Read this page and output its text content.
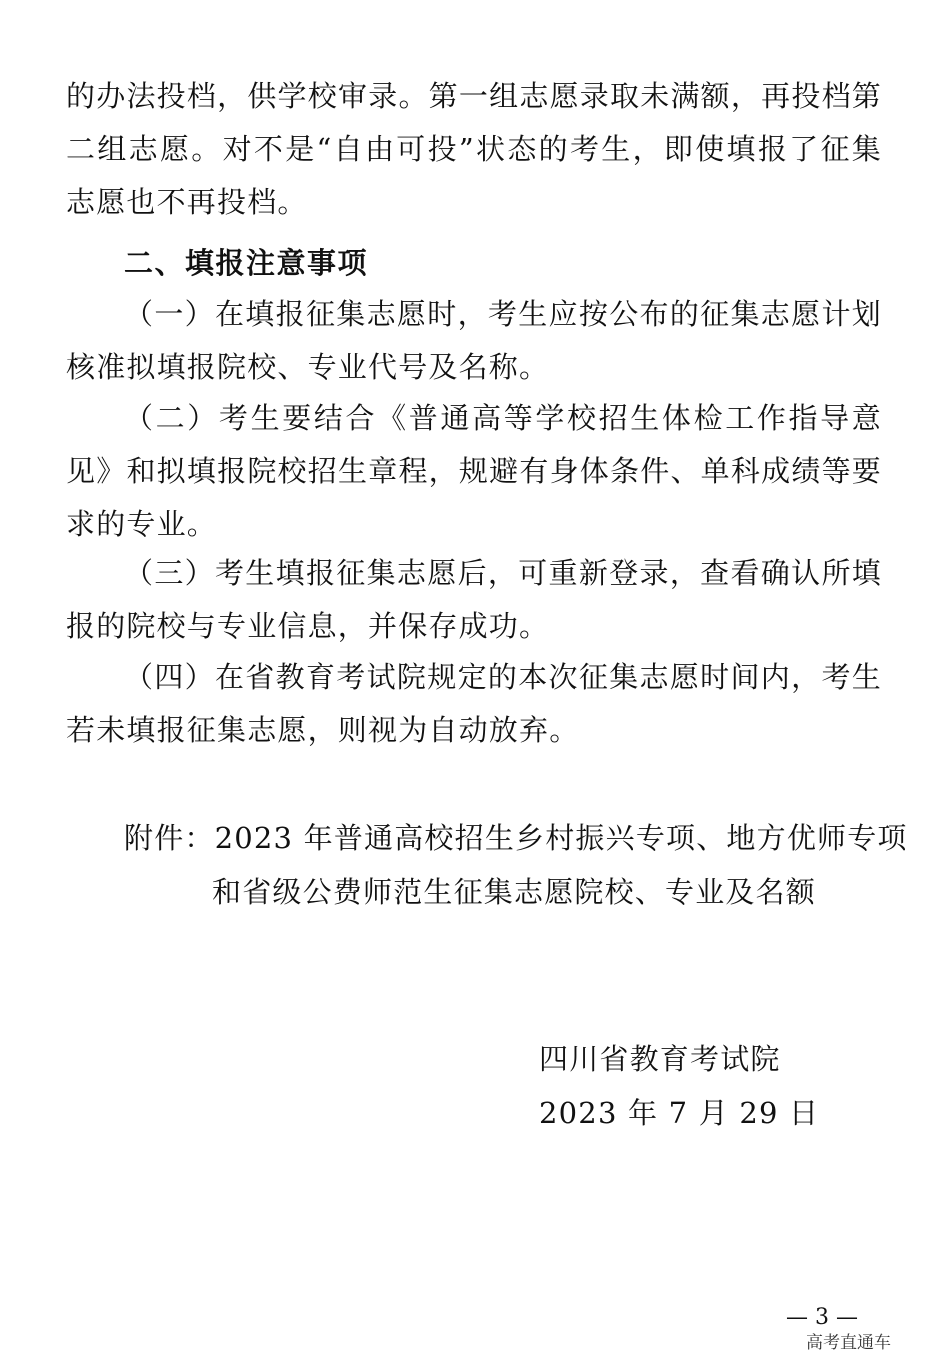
的办法投档，供学校审录。第一组志愿录取未满额，再投档第二组志愿。对不是“自由可投”状态的考生，即使填报了征集志愿也不再投档。

二、填报注意事项

（一）在填报征集志愿时，考生应按公布的征集志愿计划核准拟填报院校、专业代号及名称。

（二）考生要结合《普通高等学校招生体检工作指导意见》和拟填报院校招生章程，规避有身体条件、单科成绩等要求的专业。

（三）考生填报征集志愿后，可重新登录，查看确认所填报的院校与专业信息，并保存成功。

（四）在省教育考试院规定的本次征集志愿时间内，考生若未填报征集志愿，则视为自动放弃。

附件：2023 年普通高校招生乡村振兴专项、地方优师专项

和省级公费师范生征集志愿院校、专业及名额

四川省教育考试院

2023 年 7 月 29 日

— 3 —
高考直通车
